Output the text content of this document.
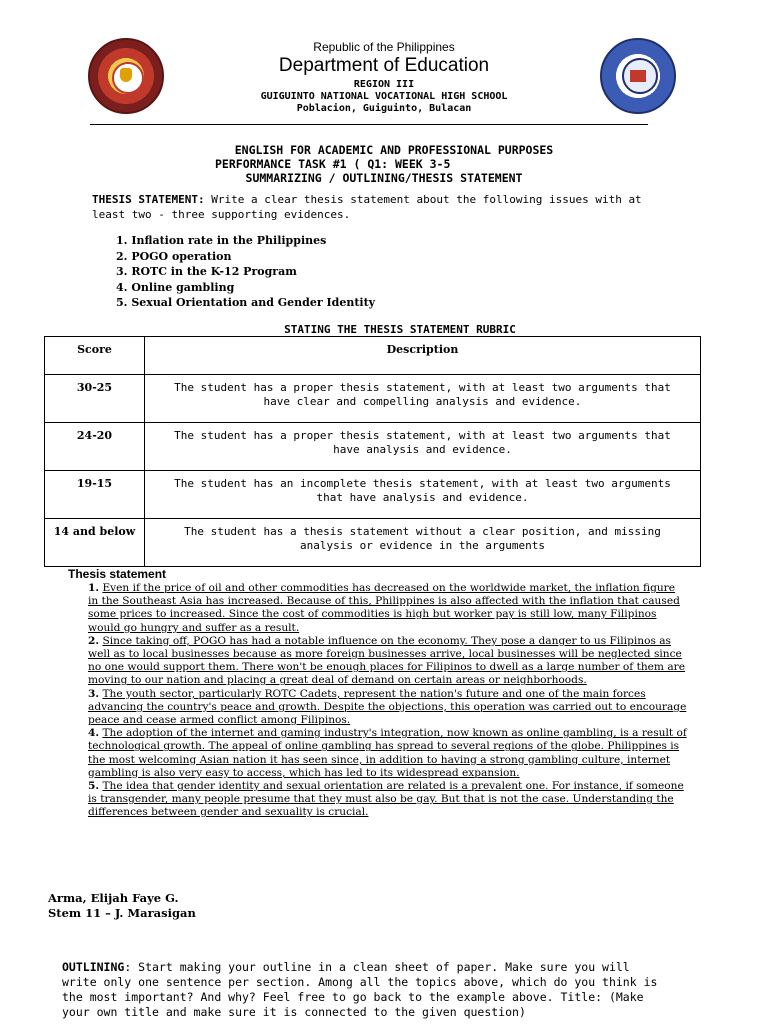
Republic of the Philippines
Department of Education
REGION III
GUIGUINTO NATIONAL VOCATIONAL HIGH SCHOOL
Poblacion, Guiguinto, Bulacan
ENGLISH FOR ACADEMIC AND PROFESSIONAL PURPOSES
PERFORMANCE TASK #1 ( Q1: WEEK 3-5
SUMMARIZING / OUTLINING/THESIS STATEMENT
THESIS STATEMENT: Write a clear thesis statement about the following issues with at least two - three supporting evidences.
1. Inflation rate in the Philippines
2. POGO operation
3. ROTC in the K-12 Program
4. Online gambling
5. Sexual Orientation and Gender Identity
STATING THE THESIS STATEMENT RUBRIC
Score	Description
30-25	The student has a proper thesis statement, with at least two arguments that have clear and compelling analysis and evidence.
24-20	The student has a proper thesis statement, with at least two arguments that have analysis and evidence.
19-15	The student has an incomplete thesis statement, with at least two arguments that have analysis and evidence.
14 and below	The student has a thesis statement without a clear position, and missing analysis or evidence in the arguments
Thesis statement

1. Even if the price of oil and other commodities has decreased on the worldwide market, the inflation figure in the Southeast Asia has increased. Because of this, Philippines is also affected with the inflation that caused some prices to increased. Since the cost of commodities is high but worker pay is still low, many Filipinos would go hungry and suffer as a result.

2. Since taking off, POGO has had a notable influence on the economy. They pose a danger to us Filipinos as well as to local businesses because as more foreign businesses arrive, local businesses will be neglected since no one would support them. There won't be enough places for Filipinos to dwell as a large number of them are moving to our nation and placing a great deal of demand on certain areas or neighborhoods.

3. The youth sector, particularly ROTC Cadets, represent the nation's future and one of the main forces advancing the country's peace and growth. Despite the objections, this operation was carried out to encourage peace and cease armed conflict among Filipinos.

4. The adoption of the internet and gaming industry's integration, now known as online gambling, is a result of technological growth. The appeal of online gambling has spread to several regions of the globe. Philippines is the most welcoming Asian nation it has seen since, in addition to having a strong gambling culture, internet gambling is also very easy to access, which has led to its widespread expansion.

5. The idea that gender identity and sexual orientation are related is a prevalent one. For instance, if someone is transgender, many people presume that they must also be gay. But that is not the case. Understanding the differences between gender and sexuality is crucial.

Arma, Elijah Faye G.
Stem 11 – J. Marasigan
OUTLINING: Start making your outline in a clean sheet of paper. Make sure you will write only one sentence per section. Among all the topics above, which do you think is the most important? And why? Feel free to go back to the example above. Title: (Make your own title and make sure it is connected to the given question)
